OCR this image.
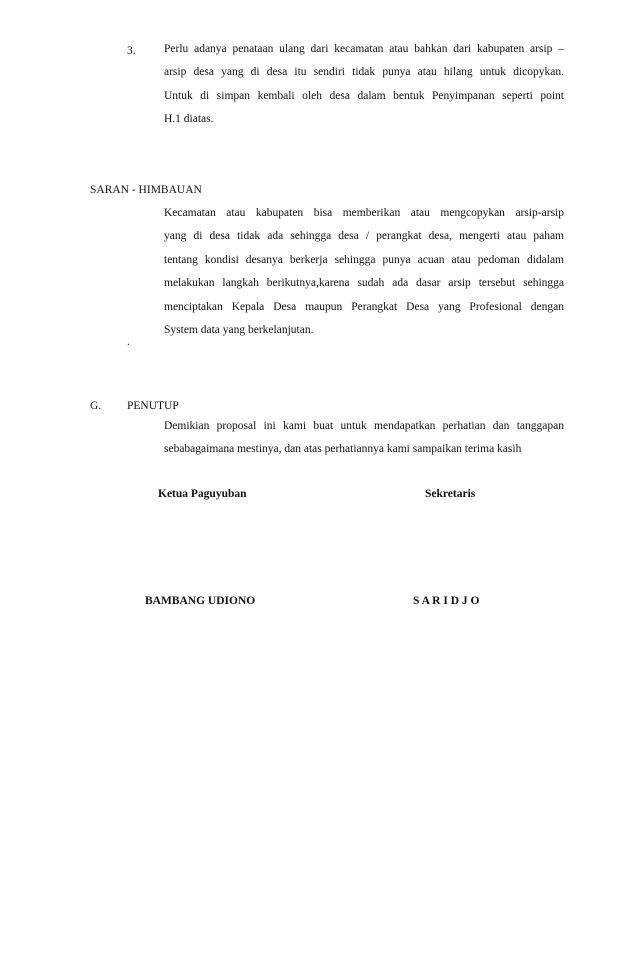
3. Perlu adanya penataan ulang dari kecamatan atau bahkan dari kabupaten arsip –
arsip desa yang di desa itu sendiri tidak punya atau hilang untuk dicopykan.
Untuk di simpan kembali oleh desa dalam bentuk Penyimpanan seperti point
H.1 diatas.
SARAN - HIMBAUAN
Kecamatan atau kabupaten bisa memberikan atau mengcopykan arsip-arsip
yang di desa tidak ada sehingga desa / perangkat desa, mengerti atau paham
tentang kondisi desanya berkerja sehingga punya acuan atau pedoman didalam
melakukan langkah berikutnya,karena sudah ada dasar arsip tersebut sehingga
menciptakan Kepala Desa maupun Perangkat Desa yang Profesional dengan
System data yang berkelanjutan.
.
G. PENUTUP
Demikian proposal ini kami buat untuk mendapatkan perhatian dan tanggapan
sebabagaimana mestinya, dan atas perhatiannya kami sampaikan terima kasih
Ketua Paguyuban	Sekretaris
BAMBANG UDIONO	S A R I D J O
